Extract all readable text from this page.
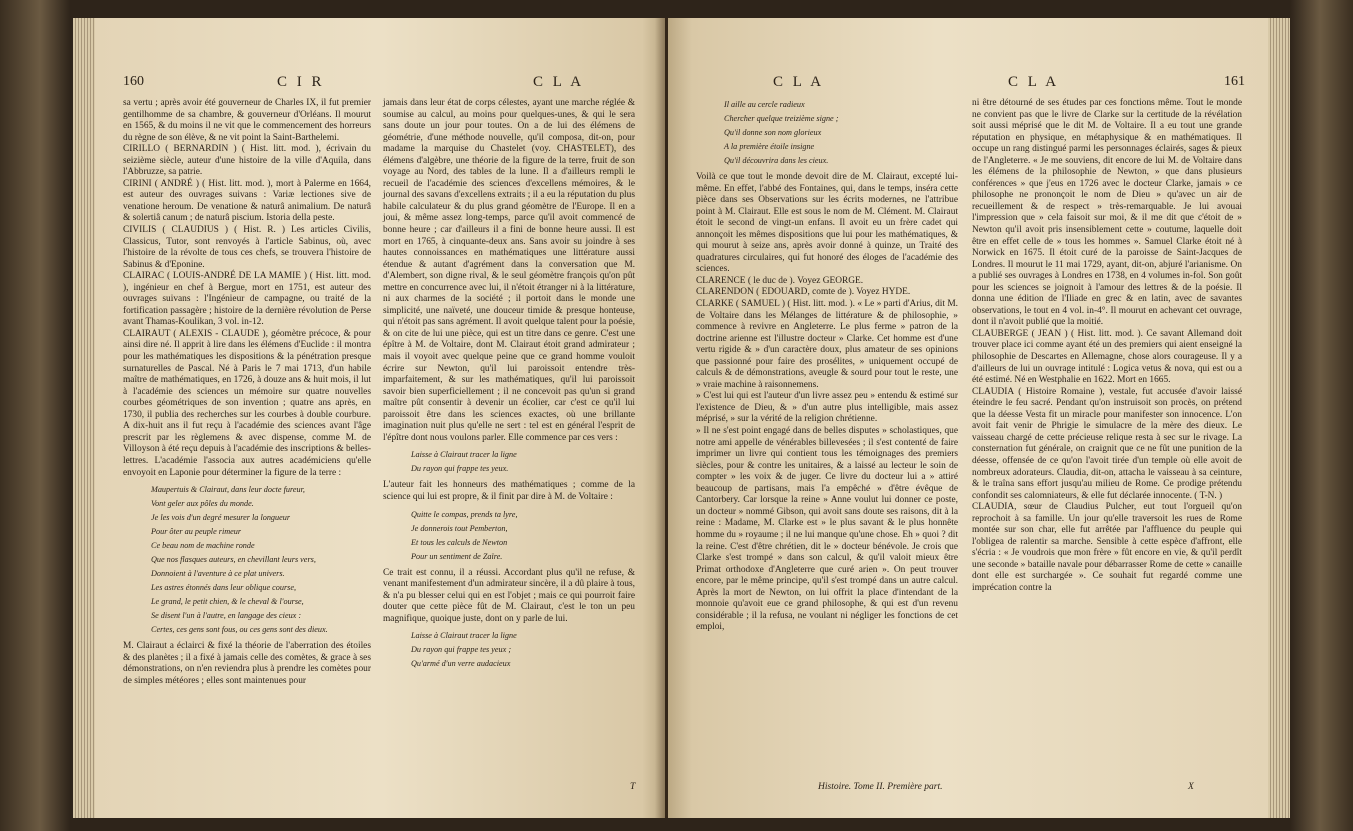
160	C I R	C L A

sa vertu ; après avoir été gouverneur de Charles IX, il fut premier gentilhomme de sa chambre, & gouverneur d'Orléans. Il mourut en 1565, & du moins il ne vit que le commencement des horreurs du règne de son élève, & ne vit point la Saint-Barthelemi.

CIRILLO ( BERNARDIN ) ( Hist. litt. mod. ), écrivain du seizième siècle, auteur d'une histoire de la ville d'Aquila, dans l'Abbruzze, sa patrie.

CIRINI ( ANDRÉ ) ( Hist. litt. mod. ), mort à Palerme en 1664, est auteur des ouvrages suivans : Variæ lectiones sive de venatione heroum. De venatione & naturâ animalium. De naturâ & solertiâ canum ; de naturâ piscium. Istoria della peste.

CIVILIS ( CLAUDIUS ) ( Hist. R. ) Les articles Civilis, Classicus, Tutor, sont renvoyés à l'article Sabinus, où, avec l'histoire de la révolte de tous ces chefs, se trouvera l'histoire de Sabinus & d'Eponine.

CLAIRAC ( LOUIS-ANDRÉ DE LA MAMIE ) ( Hist. litt. mod. ), ingénieur en chef à Bergue, mort en 1751, est auteur des ouvrages suivans : l'Ingénieur de campagne, ou traité de la fortification passagère ; histoire de la dernière révolution de Perse avant Thamas-Koulikan, 3 vol. in-12.

CLAIRAUT ( ALEXIS - CLAUDE ), géomètre précoce, & pour ainsi dire né. Il apprit à lire dans les élémens d'Euclide : il montra pour les mathématiques les dispositions & la pénétration presque surnaturelles de Pascal. Né à Paris le 7 mai 1713, d'un habile maître de mathématiques, en 1726, à douze ans & huit mois, il lut à l'académie des sciences un mémoire sur quatre nouvelles courbes géométriques de son invention ; quatre ans après, en 1730, il publia des recherches sur les courbes à double courbure. A dix-huit ans il fut reçu à l'académie des sciences avant l'âge prescrit par les règlemens & avec dispense, comme M. de Villoyson à été reçu depuis à l'académie des inscriptions & belles-lettres. L'académie l'associa aux autres académiciens qu'elle envoyoit en Laponie pour déterminer la figure de la terre :

Maupertuis & Clairaut, dans leur docte fureur,
Vont geler aux pôles du monde.
Je les vois d'un degré mesurer la longueur
Pour ôter au peuple rimeur
Ce beau nom de machine ronde
Que nos flasques auteurs, en chevillant leurs vers,
Donnoient à l'aventure à ce plat univers.
Les astres étonnés dans leur oblique course,
Le grand, le petit chien, & le cheval & l'ourse,
Se disent l'un à l'autre, en langage des cieux :
Certes, ces gens sont fous, ou ces gens sont des dieux.

M. Clairaut a éclairci & fixé la théorie de l'aberration des étoiles & des planètes ; il a fixé à jamais celle des comètes, & grace à ses démonstrations, on n'en reviendra plus à prendre les comètes pour de simples météores ; elles sont maintenues pour

jamais dans leur état de corps célestes, ayant une marche réglée & soumise au calcul, au moins pour quelques-unes, & qui le sera sans doute un jour pour toutes. On a de lui des élémens de géométrie, d'une méthode nouvelle, qu'il composa, dit-on, pour madame la marquise du Chastelet (voy. CHASTELET), des élémens d'algèbre, une théorie de la figure de la terre, fruit de son voyage au Nord, des tables de la lune. Il a d'ailleurs rempli le recueil de l'académie des sciences d'excellens mémoires, & le journal des savans d'excellens extraits ; il a eu la réputation du plus habile calculateur & du plus grand géomètre de l'Europe. Il en a joui, & même assez long-temps, parce qu'il avoit commencé de bonne heure ; car d'ailleurs il a fini de bonne heure aussi. Il est mort en 1765, à cinquante-deux ans. Sans avoir su joindre à ses hautes connoissances en mathématiques une littérature aussi étendue & autant d'agrément dans la conversation que M. d'Alembert, son digne rival, & le seul géomètre françois qu'on pût mettre en concurrence avec lui, il n'étoit étranger ni à la littérature, ni aux charmes de la société ; il portoit dans le monde une simplicité, une naïveté, une douceur timide & presque honteuse, qui n'étoit pas sans agrément. Il avoit quelque talent pour la poésie, & on cite de lui une pièce, qui est un titre dans ce genre. C'est une épître à M. de Voltaire, dont M. Clairaut étoit grand admirateur ; mais il voyoit avec quelque peine que ce grand homme vouloit écrire sur Newton, qu'il lui paroissoit entendre très-imparfaitement, & sur les mathématiques, qu'il lui paroissoit savoir bien superficiellement ; il ne concevoit pas qu'un si grand maître pût consentir à devenir un écolier, car c'est ce qu'il lui paroissoit être dans les sciences exactes, où une brillante imagination nuit plus qu'elle ne sert : tel est en général l'esprit de l'épître dont nous voulons parler. Elle commence par ces vers :

Laisse à Clairaut tracer la ligne
Du rayon qui frappe tes yeux.

L'auteur fait les honneurs des mathématiques ; comme de la science qui lui est propre, & il finit par dire à M. de Voltaire :

Quitte le compas, prends ta lyre,
Je donnerois tout Pemberton,
Et tous les calculs de Newton
Pour un sentiment de Zaïre.

Ce trait est connu, il a réussi. Accordant plus qu'il ne refuse, & venant manifestement d'un admirateur sincère, il a dû plaire à tous, & n'a pu blesser celui qui en est l'objet ; mais ce qui pourroit faire douter que cette pièce fût de M. Clairaut, c'est le ton un peu magnifique, quoique juste, dont on y parle de lui.

Laisse à Clairaut tracer la ligne
Du rayon qui frappe tes yeux ;
Qu'armé d'un verre audacieux
T
C L A	C L A	161
Il aille au cercle radieux
Chercher quelque treizième signe ;
Qu'il donne son nom glorieux
A la première étoile insigne
Qu'il découvrira dans les cieux.

Voilà ce que tout le monde devoit dire de M. Clairaut, excepté lui-même. En effet, l'abbé des Fontaines, qui, dans le temps, inséra cette pièce dans ses Observations sur les écrits modernes, ne l'attribue point à M. Clairaut. Elle est sous le nom de M. Clément. M. Clairaut étoit le second de vingt-un enfans. Il avoit eu un frère cadet qui annonçoit les mêmes dispositions que lui pour les mathématiques, & qui mourut à seize ans, après avoir donné à quinze, un Traité des quadratures circulaires, qui fut honoré des éloges de l'académie des sciences.
CLARENCE ( le duc de ). Voyez GEORGE.
CLARENDON ( EDOUARD, comte de ). Voyez HYDE.
CLARKE ( SAMUEL ) ( Hist. litt. mod. ). « Le » parti d'Arius, dit M. de Voltaire dans les Mélanges de littérature & de philosophie, » commence à revivre en Angleterre. Le plus ferme » patron de la doctrine arienne est l'illustre docteur » Clarke. Cet homme est d'une vertu rigide & » d'un caractère doux, plus amateur de ses opinions que passionné pour faire des prosélites, » uniquement occupé de calculs & de démonstrations, aveugle & sourd pour tout le reste, une » vraie machine à raisonnemens.
» C'est lui qui est l'auteur d'un livre assez peu » entendu & estimé sur l'existence de Dieu, & » d'un autre plus intelligible, mais assez méprisé, » sur la vérité de la religion chrétienne.
» Il ne s'est point engagé dans de belles disputes » scholastiques, que notre ami appelle de vénérables billevesées ; il s'est contenté de faire imprimer un livre qui contient tous les témoignages des premiers siècles, pour & contre les unitaires, & a laissé au lecteur le soin de compter » les voix & de juger. Ce livre du docteur lui a » attiré beaucoup de partisans, mais l'a empêché » d'être évêque de Cantorbery. Car lorsque la reine » Anne voulut lui donner ce poste, un docteur » nommé Gibson, qui avoit sans doute ses raisons, dit à la reine : Madame, M. Clarke est » le plus savant & le plus honnête homme du » royaume ; il ne lui manque qu'une chose. Eh » quoi ? dit la reine. C'est d'être chrétien, dit le » docteur bénévole. Je crois que Clarke s'est trompé » dans son calcul, & qu'il valoit mieux être Primat orthodoxe d'Angleterre que curé arien ». On peut trouver encore, par le même principe, qu'il s'est trompé dans un autre calcul. Après la mort de Newton, on lui offrit la place d'intendant de la monnoie qu'avoit eue ce grand philosophe, & qui est d'un revenu considérable ; il la refusa, ne voulant ni négliger les fonctions de cet emploi,

ni être détourné de ses études par ces fonctions même. Tout le monde ne convient pas que le livre de Clarke sur la certitude de la révélation soit aussi méprisé que le dit M. de Voltaire. Il a eu tout une grande réputation en physique, en métaphysique & en mathématiques. Il occupe un rang distingué parmi les personnages éclairés, sages & pieux de l'Angleterre. « Je me souviens, dit encore de lui M. de Voltaire dans les élémens de la philosophie de Newton, » que dans plusieurs conférences » que j'eus en 1726 avec le docteur Clarke, jamais » ce philosophe ne prononçoit le nom de Dieu » qu'avec un air de recueillement & de respect » très-remarquable. Je lui avouai l'impression que » cela faisoit sur moi, & il me dit que c'étoit de » Newton qu'il avoit pris insensiblement cette » coutume, laquelle doit être en effet celle de » tous les hommes ». Samuel Clarke étoit né à Norwick en 1675. Il étoit curé de la paroisse de Saint-Jacques de Londres. Il mourut le 11 mai 1729, ayant, dit-on, abjuré l'arianisme. On a publié ses ouvrages à Londres en 1738, en 4 volumes in-fol. Son goût pour les sciences se joignoit à l'amour des lettres & de la poésie. Il donna une édition de l'Iliade en grec & en latin, avec de savantes observations, le tout en 4 vol. in-4°. Il mourut en achevant cet ouvrage, dont il n'avoit publié que la moitié.
CLAUBERGE ( JEAN ) ( Hist. litt. mod. ). Ce savant Allemand doit trouver place ici comme ayant été un des premiers qui aient enseigné la philosophie de Descartes en Allemagne, chose alors courageuse. Il y a d'ailleurs de lui un ouvrage intitulé : Logica vetus & nova, qui est ou a été estimé. Né en Westphalie en 1622. Mort en 1665.
CLAUDIA ( Histoire Romaine ), vestale, fut accusée d'avoir laissé éteindre le feu sacré. Pendant qu'on instruisoit son procès, on prétend que la déesse Vesta fit un miracle pour manifester son innocence. L'on avoit fait venir de Phrigie le simulacre de la mère des dieux. Le vaisseau chargé de cette précieuse relique resta à sec sur le rivage. La consternation fut générale, on craignit que ce ne fût une punition de la déesse, offensée de ce qu'on l'avoit tirée d'un temple où elle avoit de nombreux adorateurs. Claudia, dit-on, attacha le vaisseau à sa ceinture, & le traîna sans effort jusqu'au milieu de Rome. Ce prodige prétendu confondit ses calomniateurs, & elle fut déclarée innocente. ( T-N. )
CLAUDIA, sœur de Claudius Pulcher, eut tout l'orgueil qu'on reprochoit à sa famille. Un jour qu'elle traversoit les rues de Rome montée sur son char, elle fut arrêtée par l'affluence du peuple qui l'obligea de ralentir sa marche. Sensible à cette espèce d'affront, elle s'écria : « Je voudrois que mon frère » fût encore en vie, & qu'il perdît une seconde » bataille navale pour débarrasser Rome de cette » canaille dont elle est surchargée ». Ce souhait fut regardé comme une imprécation contre la

Histoire. Tome II. Première part.	X
